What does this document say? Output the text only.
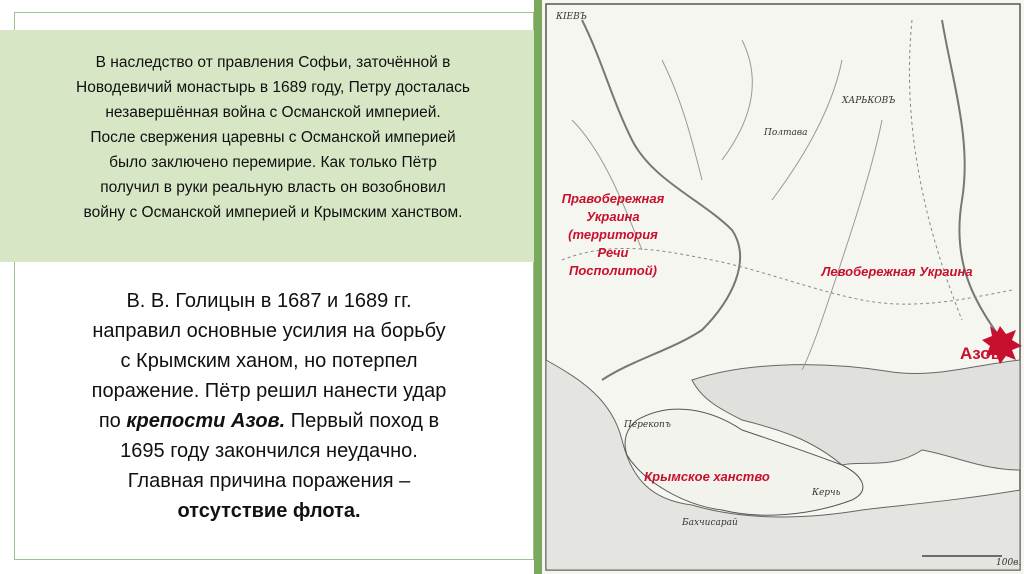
В наследство от правления Софьи, заточённой в
Новодевичий монастырь в 1689 году, Петру досталась
незавершённая война с Османской империей.
После свержения царевны с Османской империей
было заключено перемирие. Как только Пётр
получил в руки реальную власть он возобновил
войну с Османской империей и Крымским ханством.
В. В. Голицын в 1687 и 1689 гг.
направил основные усилия на борьбу
с Крымским ханом, но потерпел
поражение. Пётр решил нанести удар
по крепости Азов. Первый поход в
1695 году закончился неудачно.
Главная причина поражения –
отсутствие флота.
КIЕВЪ
ХАРЬКОВЪ
Полтава
Перекопъ
Керчь
Бахчисарай
100в.
Правобережная
Украина
(территория
Речи
Посполитой)	Левобережная Украина
Крымское ханство
Азов
